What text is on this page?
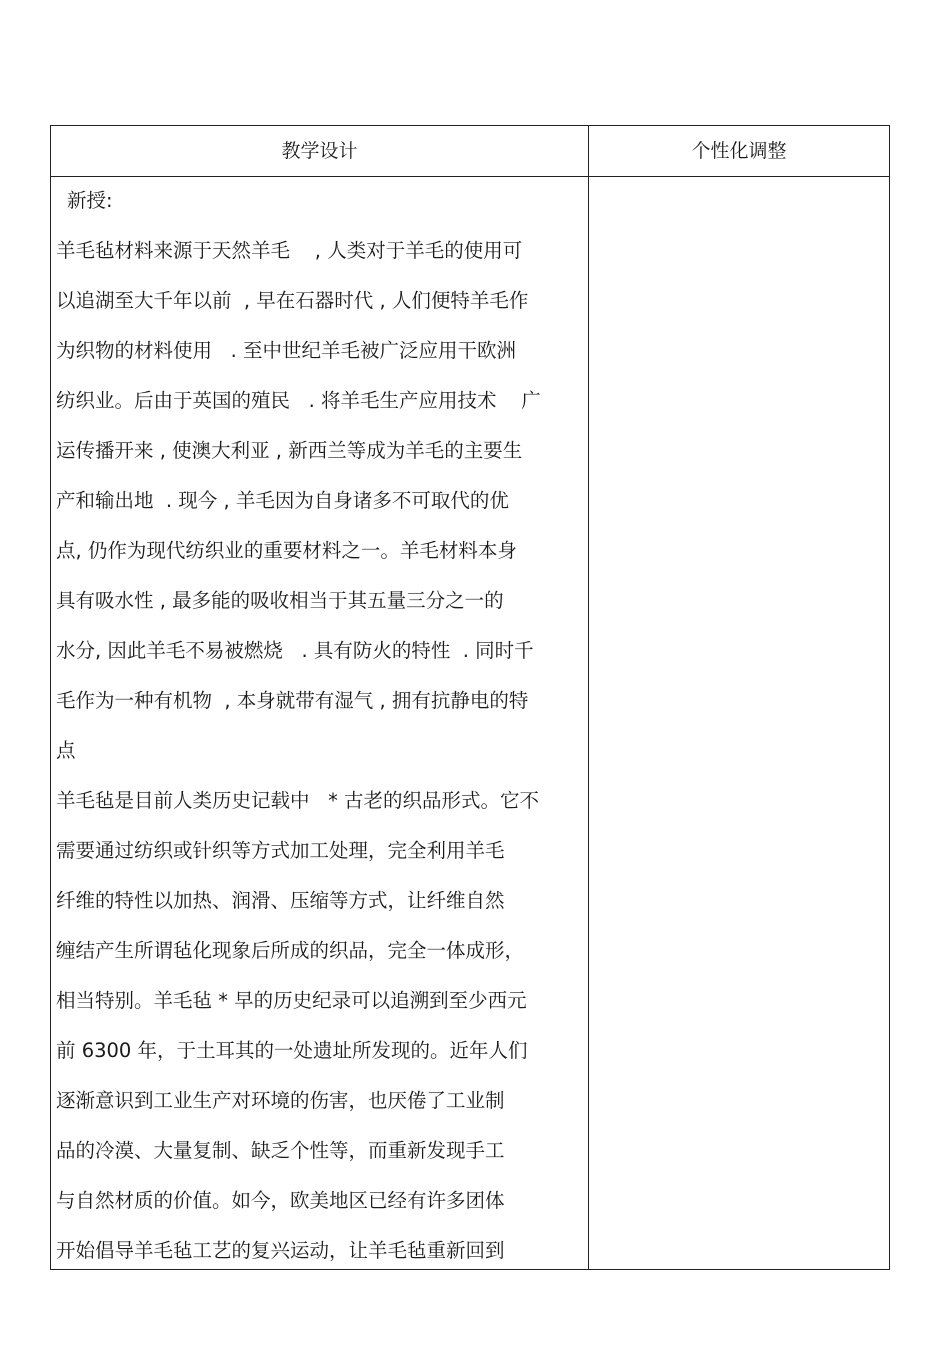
教学设计	个性化调整
新授:
羊毛毡材料来源于天然羊毛    , 人类对于羊毛的使用可
以追湖至大千年以前  , 早在石器时代 , 人们便特羊毛作
为织物的材料使用   . 至中世纪羊毛被广泛应用干欧洲
纺织业。后由于英国的殖民   . 将羊毛生产应用技术    广
运传播开来 , 使澳大利亚 , 新西兰等成为羊毛的主要生
产和输出地  . 现今 , 羊毛因为自身诸多不可取代的优
点, 仍作为现代纺织业的重要材料之一。羊毛材料本身
具有吸水性 , 最多能的吸收相当于其五量三分之一的
水分, 因此羊毛不易被燃烧   . 具有防火的特性  . 同时千
毛作为一种有机物  , 本身就带有湿气 , 拥有抗静电的特
点
羊毛毡是目前人类历史记载中   * 古老的织品形式。它不
需要通过纺织或针织等方式加工处理，完全利用羊毛
纤维的特性以加热、润滑、压缩等方式，让纤维自然
缠结产生所谓毡化现象后所成的织品，完全一体成形，
相当特别。羊毛毡 * 早的历史纪录可以追溯到至少西元
前 6300 年，于土耳其的一处遗址所发现的。近年人们
逐渐意识到工业生产对环境的伤害，也厌倦了工业制
品的冷漠、大量复制、缺乏个性等，而重新发现手工
与自然材质的价值。如今，欧美地区已经有许多团体
开始倡导羊毛毡工艺的复兴运动，让羊毛毡重新回到
